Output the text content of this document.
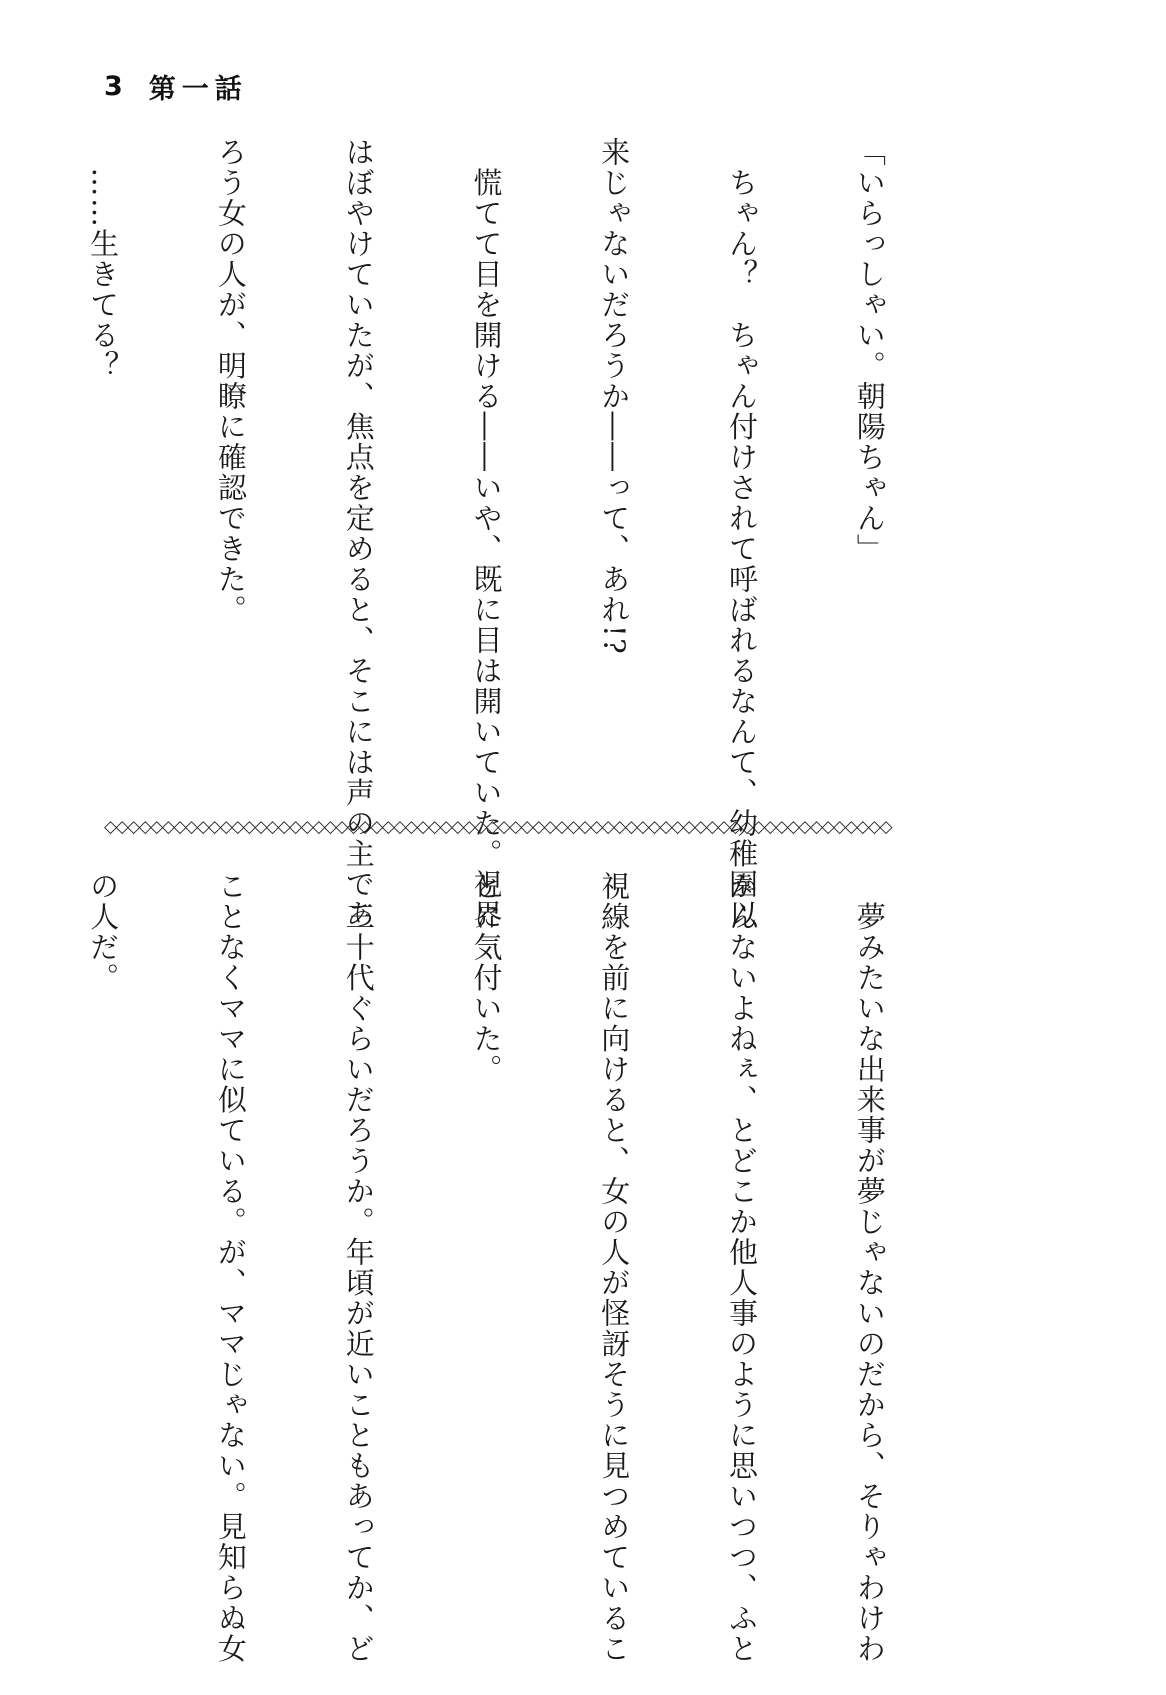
3 第一話

「いらっしゃい。朝陽ちゃん」

　ちゃん？　ちゃん付けされて呼ばれるなんて、幼稚園以

来じゃないだろうか――って、あれ!?

　慌てて目を開ける――いや、既に目は開いていた。視界

はぼやけていたが、焦点を定めると、そこには声の主であ

ろう女の人が、明瞭に確認できた。

　……生きてる？

◇◇◇◇◇◇◇◇◇◇◇◇◇◇◇◇◇◇◇◇◇◇◇◇◇◇◇◇◇◇◇◇◇◇◇◇◇◇◇◇◇◇◇◇◇◇◇◇◇◇◇◇◇◇◇◇◇◇◇◇◇◇◇◇◇◇◇◇

　夢みたいな出来事が夢じゃないのだから、そりゃわけわ

かんないよねぇ、とどこか他人事のように思いつつ、ふと

視線を前に向けると、女の人が怪訝そうに見つめているこ

とに気付いた。

　三十代ぐらいだろうか。年頃が近いこともあってか、ど

ことなくママに似ている。が、ママじゃない。見知らぬ女

の人だ。
